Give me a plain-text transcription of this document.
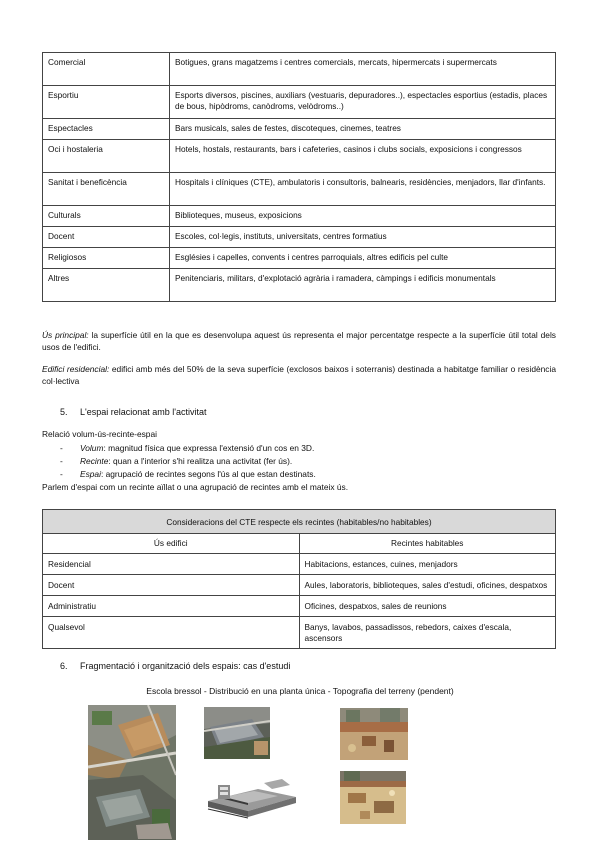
Comercial	Botigues, grans magatzems i centres comercials, mercats, hipermercats i supermercats
Esportiu	Esports diversos, piscines, auxiliars (vestuaris, depuradores..), espectacles esportius (estadis, places de bous, hipòdroms, canòdroms, velòdroms..)
Espectacles	Bars musicals, sales de festes, discoteques, cinemes, teatres
Oci i hostaleria	Hotels, hostals, restaurants, bars i cafeteries, casinos i clubs socials, exposicions i congressos
Sanitat i beneficència	Hospitals i clíniques (CTE), ambulatoris i consultoris, balnearis, residències, menjadors, llar d'infants.
Culturals	Biblioteques, museus, exposicions
Docent	Escoles, col·legis, instituts, universitats, centres formatius
Religiosos	Esglésies i capelles, convents i centres parroquials, altres edificis pel culte
Altres	Penitenciaris, militars, d'explotació agrària i ramadera, càmpings i edificis monumentals

Ús principal: la superfície útil en la que es desenvolupa aquest ús representa el major percentatge respecte a la superfície útil total dels usos de l'edifici.

Edifici residencial: edifici amb més del 50% de la seva superfície (exclosos baixos i soterranis) destinada a habitatge familiar o residència col·lectiva

5. L'espai relacionat amb l'activitat
Relació volum-ús-recinte-espai
- Volum: magnitud física que expressa l'extensió d'un cos en 3D.
- Recinte: quan a l'interior s'hi realitza una activitat (fer ús).
- Espai: agrupació de recintes segons l'ús al que estan destinats.
Parlem d'espai com un recinte aïllat o una agrupació de recintes amb el mateix ús.
Consideracions del CTE respecte els recintes (habitables/no habitables)	
Ús edifici	Recintes habitables
Residencial	Habitacions, estances, cuines, menjadors
Docent	Aules, laboratoris, biblioteques, sales d'estudi, oficines, despatxos
Administratiu	Oficines, despatxos, sales de reunions
Qualsevol	Banys, lavabos, passadissos, rebedors, caixes d'escala, ascensors
6. Fragmentació i organització dels espais: cas d'estudi
Escola bressol - Distribució en una planta única - Topografia del terreny (pendent)
